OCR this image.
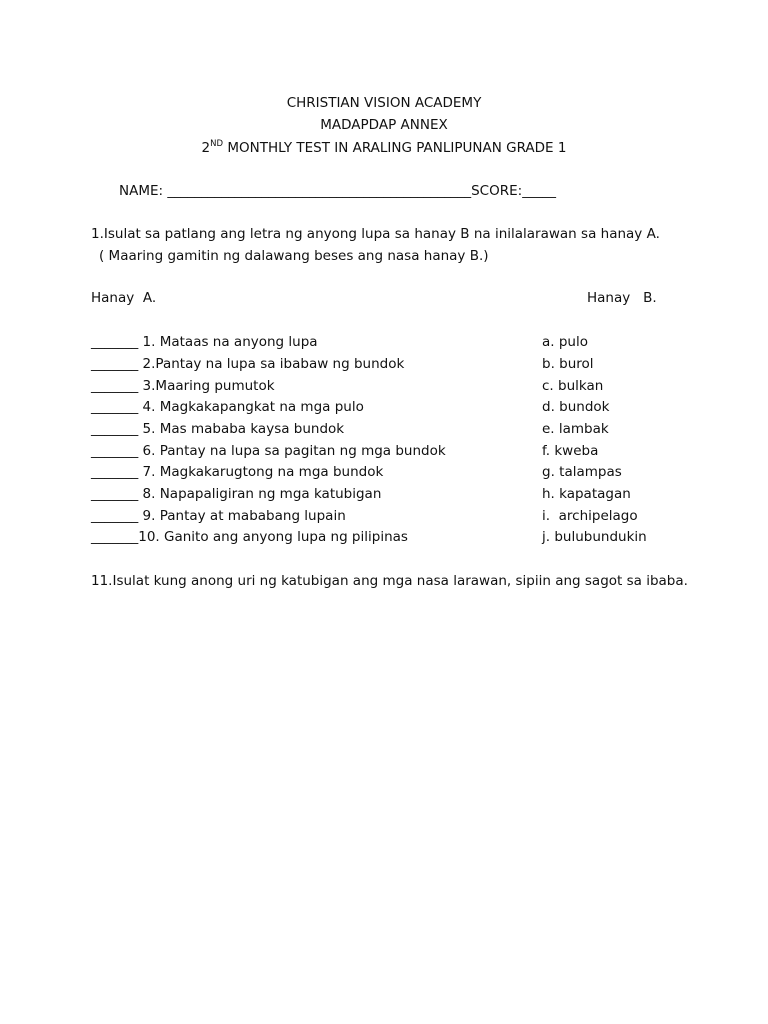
CHRISTIAN VISION ACADEMY
MADAPDAP ANNEX
2ND MONTHLY TEST IN ARALING PANLIPUNAN GRADE 1
NAME: _____________________________________________SCORE:_____
1.Isulat sa patlang ang letra ng anyong lupa sa hanay B na inilalarawan sa hanay A.
( Maaring gamitin ng dalawang beses ang nasa hanay B.)
Hanay  A.	Hanay   B.
_______ 1. Mataas na anyong lupa
_______ 2.Pantay na lupa sa ibabaw ng bundok
_______ 3.Maaring pumutok
_______ 4. Magkakapangkat na mga pulo
_______ 5. Mas mababa kaysa bundok
_______ 6. Pantay na lupa sa pagitan ng mga bundok
_______ 7. Magkakarugtong na mga bundok
_______ 8. Napapaligiran ng mga katubigan
_______ 9. Pantay at mababang lupain
_______10. Ganito ang anyong lupa ng pilipinas
a. pulo
b. burol
c. bulkan
d. bundok
e. lambak
f. kweba
g. talampas
h. kapatagan
i.  archipelago
j. bulubundukin
11.Isulat kung anong uri ng katubigan ang mga nasa larawan, sipiin ang sagot sa ibaba.
